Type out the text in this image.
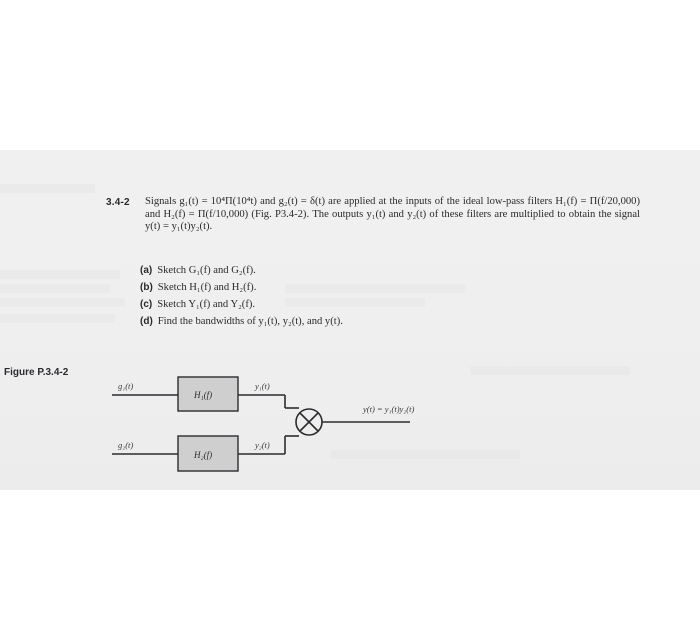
3.4-2 Signals g₁(t) = 10⁴Π(10⁴t) and g₂(t) = δ(t) are applied at the inputs of the ideal low-pass filters H₁(f) = Π(f/20,000) and H₂(f) = Π(f/10,000) (Fig. P3.4-2). The outputs y₁(t) and y₂(t) of these filters are multiplied to obtain the signal y(t) = y₁(t)y₂(t).
(a) Sketch G₁(f) and G₂(f).
(b) Sketch H₁(f) and H₂(f).
(c) Sketch Y₁(f) and Y₂(f).
(d) Find the bandwidths of y₁(t), y₂(t), and y(t).
Figure P.3.4-2
g₁(t)
g₂(t)
H₁(f)
H₂(f)
y₁(t)
y₂(t)
y(t) = y₁(t)y₂(t)
